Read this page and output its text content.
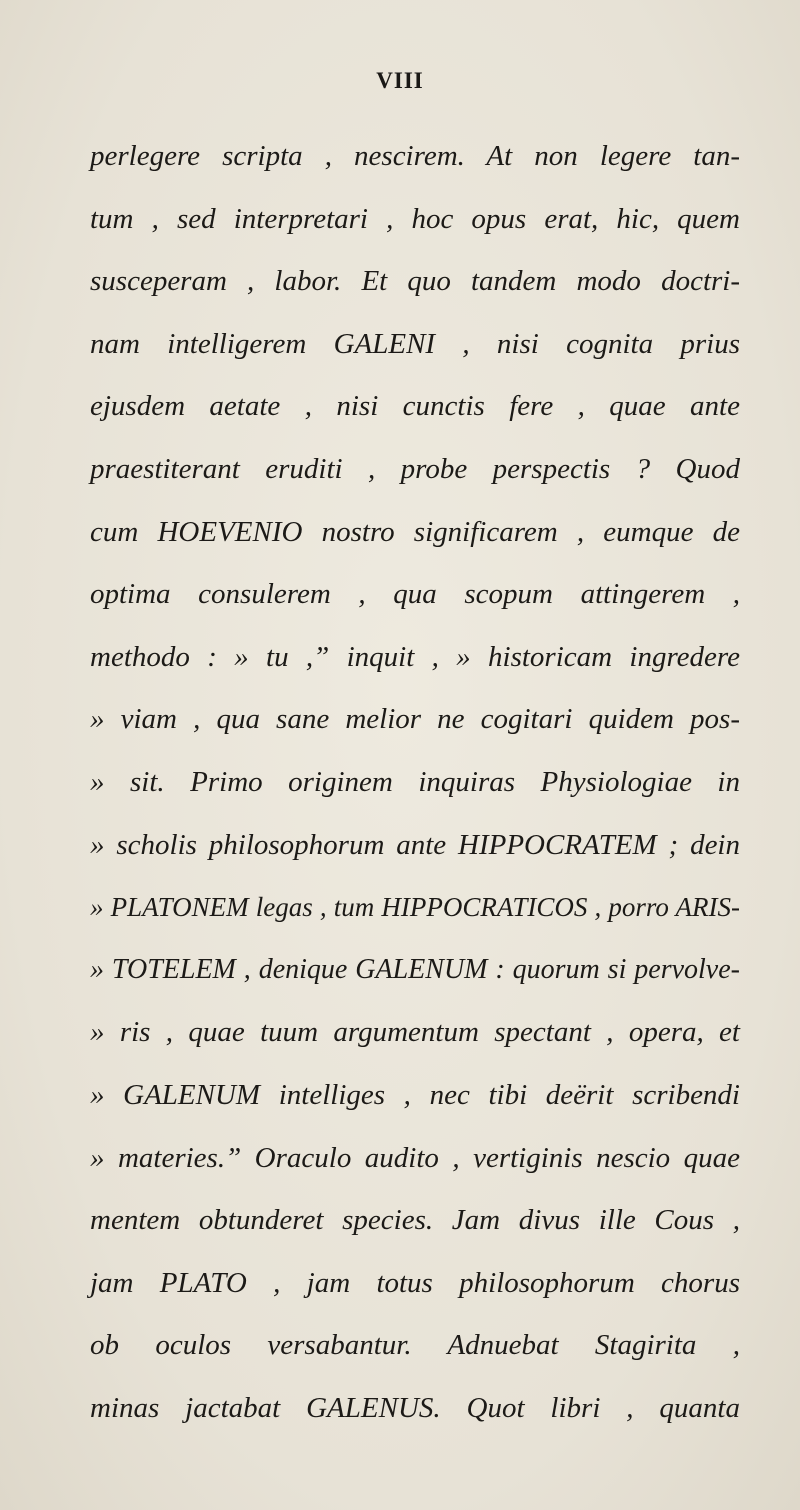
VIII
perlegere scripta , nescirem. At non legere tan-
tum , sed interpretari , hoc opus erat, hic, quem
susceperam , labor. Et quo tandem modo doctri-
nam intelligerem GALENI , nisi cognita prius
ejusdem aetate , nisi cunctis fere , quae ante
praestiterant eruditi , probe perspectis ? Quod
cum HOEVENIO nostro significarem , eumque de
optima consulerem , qua scopum attingerem ,
methodo : » tu ,” inquit , » historicam ingredere
» viam , qua sane melior ne cogitari quidem pos-
» sit. Primo originem inquiras Physiologiae in
» scholis philosophorum ante HIPPOCRATEM ; dein
» PLATONEM legas , tum HIPPOCRATICOS , porro ARIS-
» TOTELEM , denique GALENUM : quorum si pervolve-
» ris , quae tuum argumentum spectant , opera, et
» GALENUM intelliges , nec tibi deërit scribendi
» materies.” Oraculo audito , vertiginis nescio quae
mentem obtunderet species. Jam divus ille Cous ,
jam PLATO , jam totus philosophorum chorus
ob oculos versabantur. Adnuebat Stagirita ,
minas jactabat GALENUS. Quot libri , quanta
